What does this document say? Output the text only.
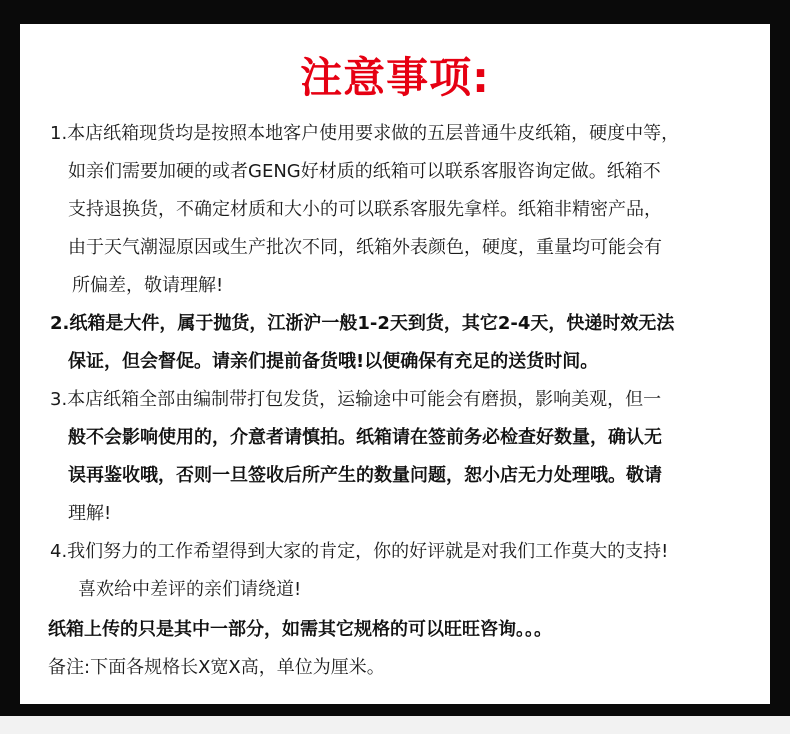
注意事项:
1.本店纸箱现货均是按照本地客户使用要求做的五层普通牛皮纸箱，硬度中等，
如亲们需要加硬的或者GENG好材质的纸箱可以联系客服咨询定做。纸箱不
支持退换货，不确定材质和大小的可以联系客服先拿样。纸箱非精密产品，
由于天气潮湿原因或生产批次不同，纸箱外表颜色，硬度，重量均可能会有
所偏差，敬请理解!
2.纸箱是大件，属于抛货，江浙沪一般1-2天到货，其它2-4天，快递时效无法
保证，但会督促。请亲们提前备货哦!以便确保有充足的送货时间。
3.本店纸箱全部由编制带打包发货，运输途中可能会有磨损，影响美观，但一
般不会影响使用的，介意者请慎拍。纸箱请在签前务必检查好数量，确认无
误再鉴收哦，否则一旦签收后所产生的数量问题，恕小店无力处理哦。敬请
理解!
4.我们努力的工作希望得到大家的肯定，你的好评就是对我们工作莫大的支持!
喜欢给中差评的亲们请绕道!
纸箱上传的只是其中一部分，如需其它规格的可以旺旺咨询。。。
备注:下面各规格长X宽X高，单位为厘米。
